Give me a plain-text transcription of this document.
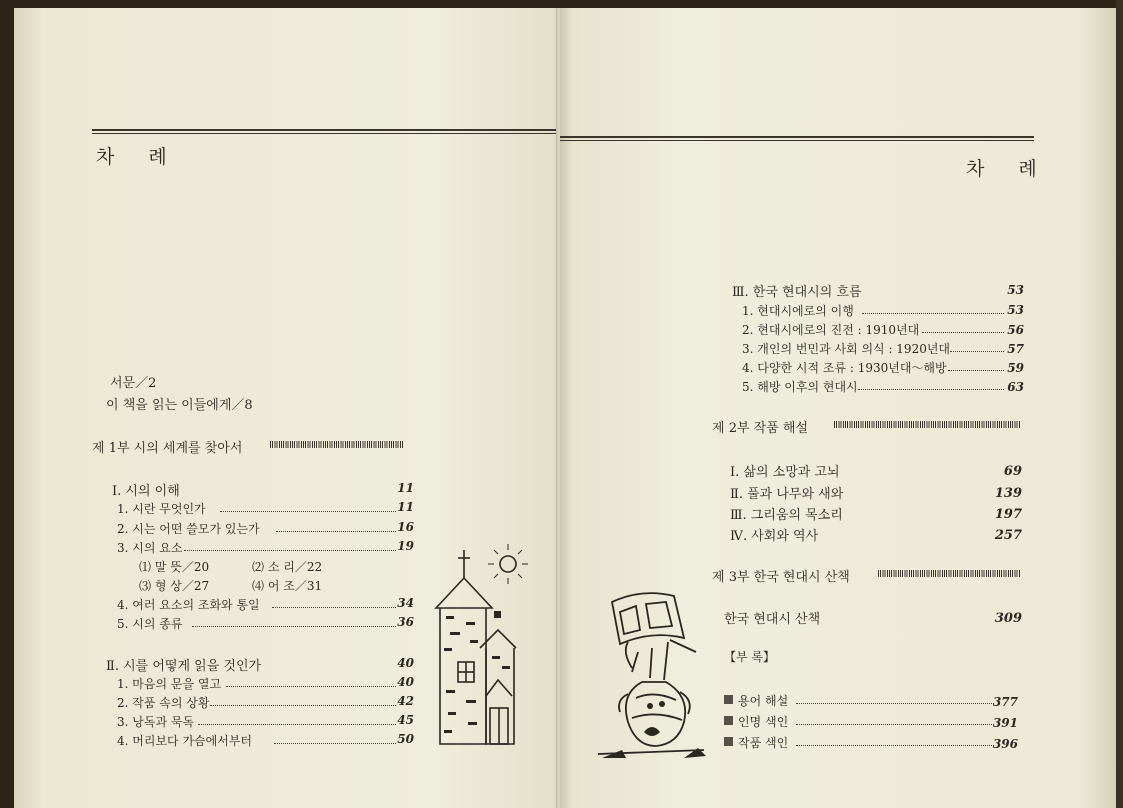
차 례
서문／2
이 책을 읽는 이들에게／8
제 1부 시의 세계를 찾아서
Ⅰ. 시의 이해	11
1. 시란 무엇인가	11
2. 시는 어떤 쓸모가 있는가	16
3. 시의 요소	19
⑴ 말 뜻／20	⑵ 소 리／22
⑶ 형 상／27	⑷ 어 조／31
4. 여러 요소의 조화와 통일	34
5. 시의 종류	36
Ⅱ. 시를 어떻게 읽을 것인가	40
1. 마음의 문을 열고	40
2. 작품 속의 상황	42
3. 낭독과 묵독	45
4. 머리보다 가슴에서부터	50
차 례
Ⅲ. 한국 현대시의 흐름	53
1. 현대시에로의 이행	53
2. 현대시에로의 진전 : 1910년대	56
3. 개인의 번민과 사회 의식 : 1920년대	57
4. 다양한 시적 조류 : 1930년대～해방	59
5. 해방 이후의 현대시	63
제 2부 작품 해설
Ⅰ. 삶의 소망과 고뇌	69
Ⅱ. 풀과 나무와 새와	139
Ⅲ. 그리움의 목소리	197
Ⅳ. 사회와 역사	257
제 3부 한국 현대시 산책
한국 현대시 산책	309
【부 록】
용어 해설	377
인명 색인	391
작품 색인	396
